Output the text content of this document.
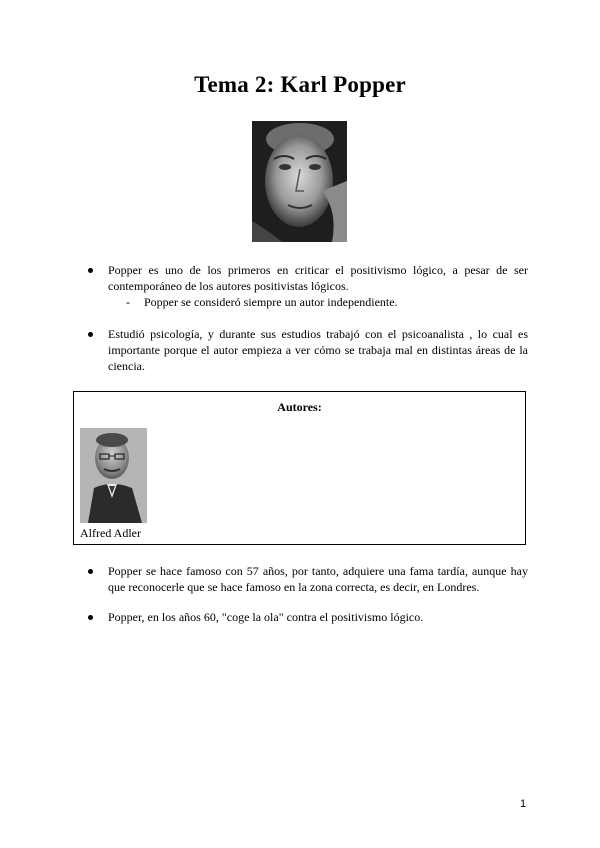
Tema 2: Karl Popper
Popper es uno de los primeros en criticar el positivismo lógico, a pesar de ser contemporáneo de los autores positivistas lógicos.
- Popper se consideró siempre un autor independiente.
Estudió psicología, y durante sus estudios trabajó con el psicoanalista , lo cual es importante porque el autor empieza a ver cómo se trabaja mal en distintas áreas de la ciencia.
Autores:
Alfred Adler
Popper se hace famoso con 57 años, por tanto, adquiere una fama tardía, aunque hay que reconocerle que se hace famoso en la zona correcta, es decir, en Londres.
Popper, en los años 60, "coge la ola" contra el positivismo lógico.
1
